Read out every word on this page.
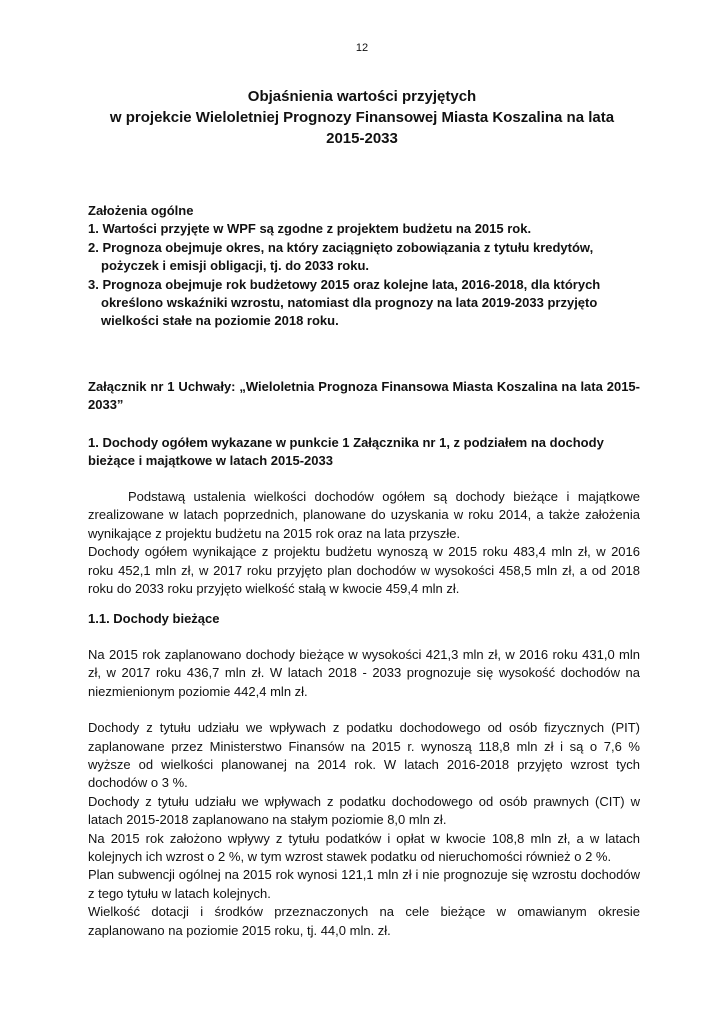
12
Objaśnienia wartości przyjętych
w projekcie Wieloletniej Prognozy Finansowej Miasta Koszalina na lata
2015-2033
Założenia ogólne
1. Wartości przyjęte w WPF są zgodne z projektem budżetu na 2015 rok.
2. Prognoza obejmuje okres, na który zaciągnięto zobowiązania z tytułu kredytów,
pożyczek i emisji obligacji, tj. do 2033 roku.
3. Prognoza obejmuje rok budżetowy 2015 oraz kolejne lata, 2016-2018, dla których
określono wskaźniki wzrostu, natomiast dla prognozy na lata 2019-2033 przyjęto
wielkości stałe na poziomie 2018 roku.
Załącznik nr 1 Uchwały: „Wieloletnia Prognoza Finansowa Miasta Koszalina na lata 2015-2033”
1. Dochody ogółem wykazane w punkcie 1 Załącznika nr 1, z podziałem na dochody bieżące i majątkowe w latach 2015-2033

Podstawą ustalenia wielkości dochodów ogółem są dochody bieżące i majątkowe zrealizowane w latach poprzednich, planowane do uzyskania w roku 2014, a także założenia wynikające z projektu budżetu na 2015 rok oraz na lata przyszłe.

Dochody ogółem wynikające z projektu budżetu wynoszą w 2015 roku 483,4 mln zł, w 2016 roku 452,1 mln zł, w 2017 roku przyjęto plan dochodów w wysokości 458,5 mln zł, a od 2018 roku do 2033 roku przyjęto wielkość stałą w kwocie 459,4 mln zł.

1.1. Dochody bieżące

Na 2015 rok zaplanowano dochody bieżące w wysokości 421,3 mln zł, w 2016 roku 431,0 mln zł, w 2017 roku 436,7 mln zł. W latach 2018 - 2033 prognozuje się wysokość dochodów na niezmienionym poziomie 442,4 mln zł.

Dochody z tytułu udziału we wpływach z podatku dochodowego od osób fizycznych (PIT) zaplanowane przez Ministerstwo Finansów na 2015 r. wynoszą 118,8 mln zł i są o 7,6 % wyższe od wielkości planowanej na 2014 rok. W latach 2016-2018 przyjęto wzrost tych dochodów o 3 %.

Dochody z tytułu udziału we wpływach z podatku dochodowego od osób prawnych (CIT) w latach 2015-2018 zaplanowano na stałym poziomie 8,0 mln zł.

Na 2015 rok założono wpływy z tytułu podatków i opłat w kwocie 108,8 mln zł, a w latach kolejnych ich wzrost o 2 %, w tym wzrost stawek podatku od nieruchomości również o 2 %.

Plan subwencji ogólnej na 2015 rok wynosi 121,1 mln zł i nie prognozuje się wzrostu dochodów z tego tytułu w latach kolejnych.

Wielkość dotacji i środków przeznaczonych na cele bieżące w omawianym okresie zaplanowano na poziomie 2015 roku, tj. 44,0 mln. zł.
